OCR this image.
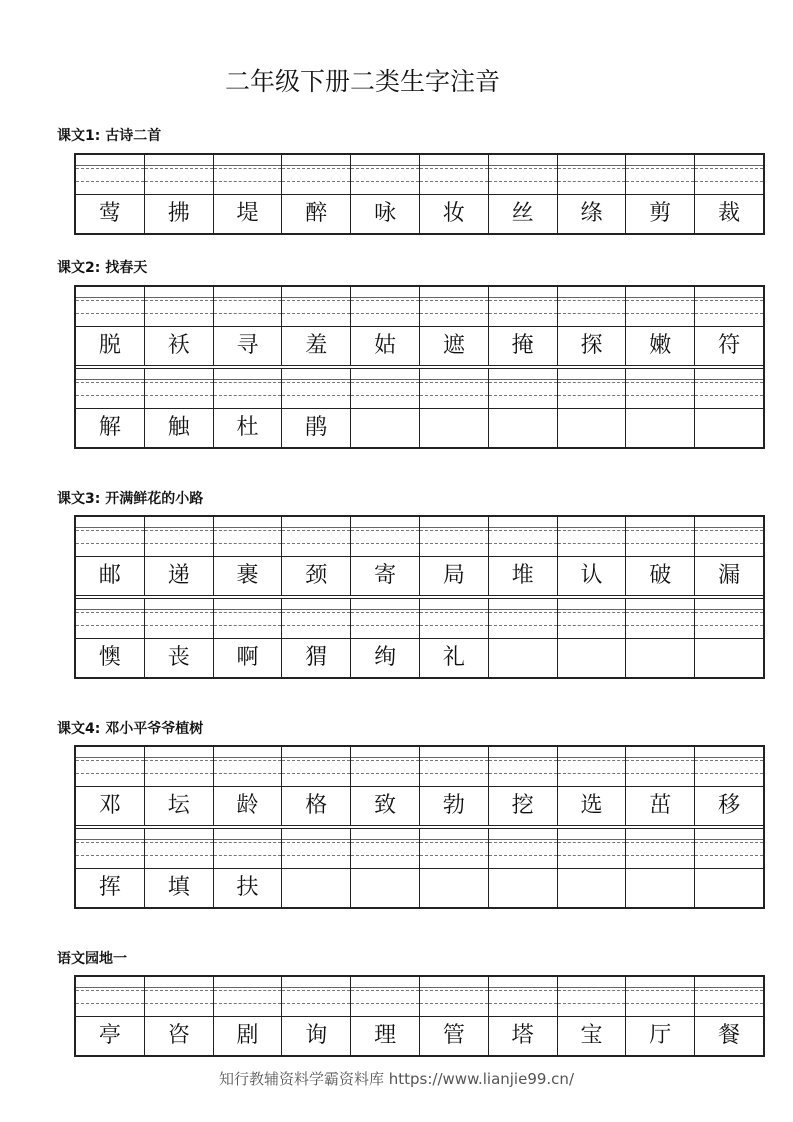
二年级下册二类生字注音
课文1: 古诗二首
莺	拂	堤	醉	咏	妆	丝	绦	剪	裁
课文2: 找春天
脱	袄	寻	羞	姑	遮	掩	探	嫩	符
解	触	杜	鹃
课文3: 开满鲜花的小路
邮	递	裹	颈	寄	局	堆	认	破	漏
懊	丧	啊	猬	绚	礼
课文4: 邓小平爷爷植树
邓	坛	龄	格	致	勃	挖	选	茁	移
挥	填	扶
语文园地一
亭	咨	剧	询	理	管	塔	宝	厅	餐
知行教辅资料学霸资料库 https://www.lianjie99.cn/
